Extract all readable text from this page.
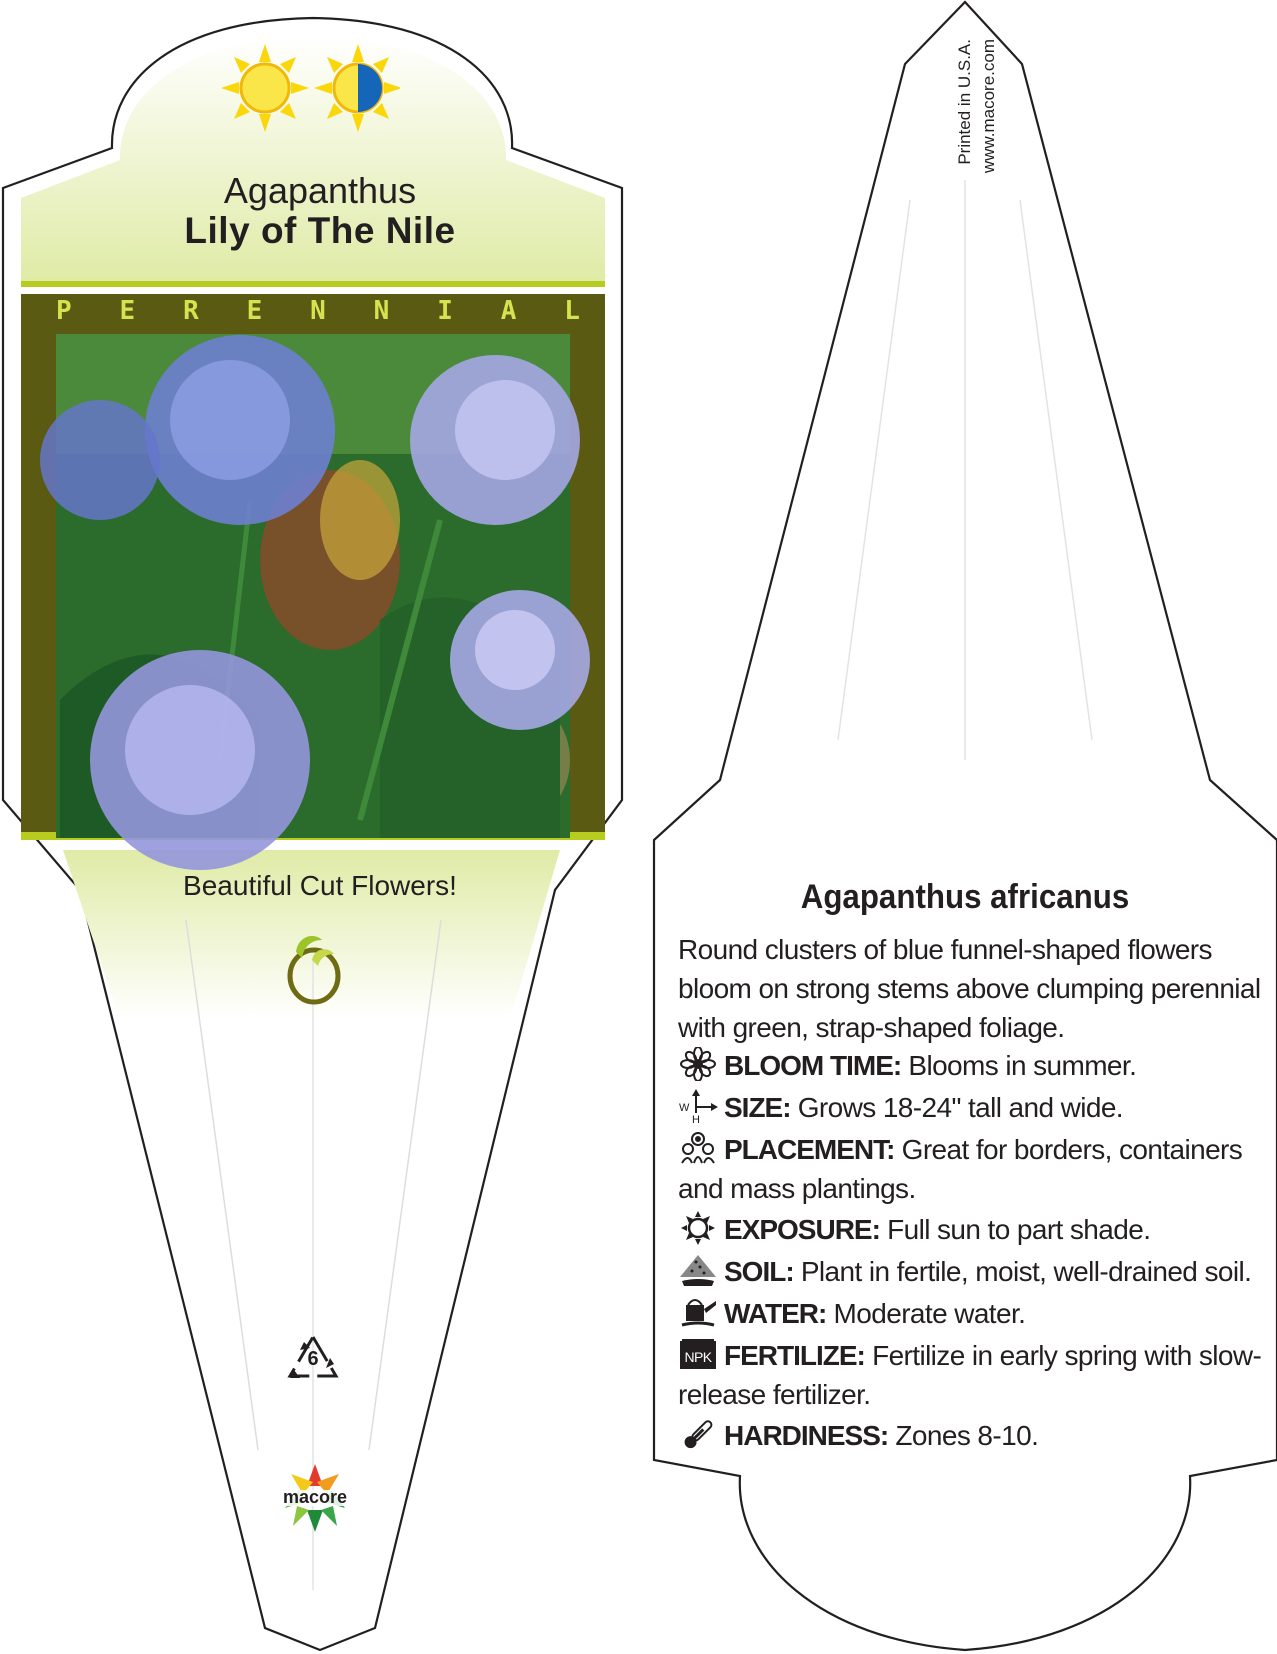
Agapanthus
Lily of The Nile
P E R E N N I A L
Beautiful Cut Flowers!
6
macore
Printed in U.S.A. www.macore.com
Agapanthus africanus
Round clusters of blue funnel-shaped flowers bloom on strong stems above clumping perennial with green, strap-shaped foliage.
BLOOM TIME: Blooms in summer.
W
H SIZE: Grows 18-24" tall and wide.
PLACEMENT: Great for borders, containers and mass plantings.
EXPOSURE: Full sun to part shade.
SOIL: Plant in fertile, moist, well-drained soil.
WATER: Moderate water.
NPK FERTILIZE: Fertilize in early spring with slow-release fertilizer.
HARDINESS: Zones 8-10.
